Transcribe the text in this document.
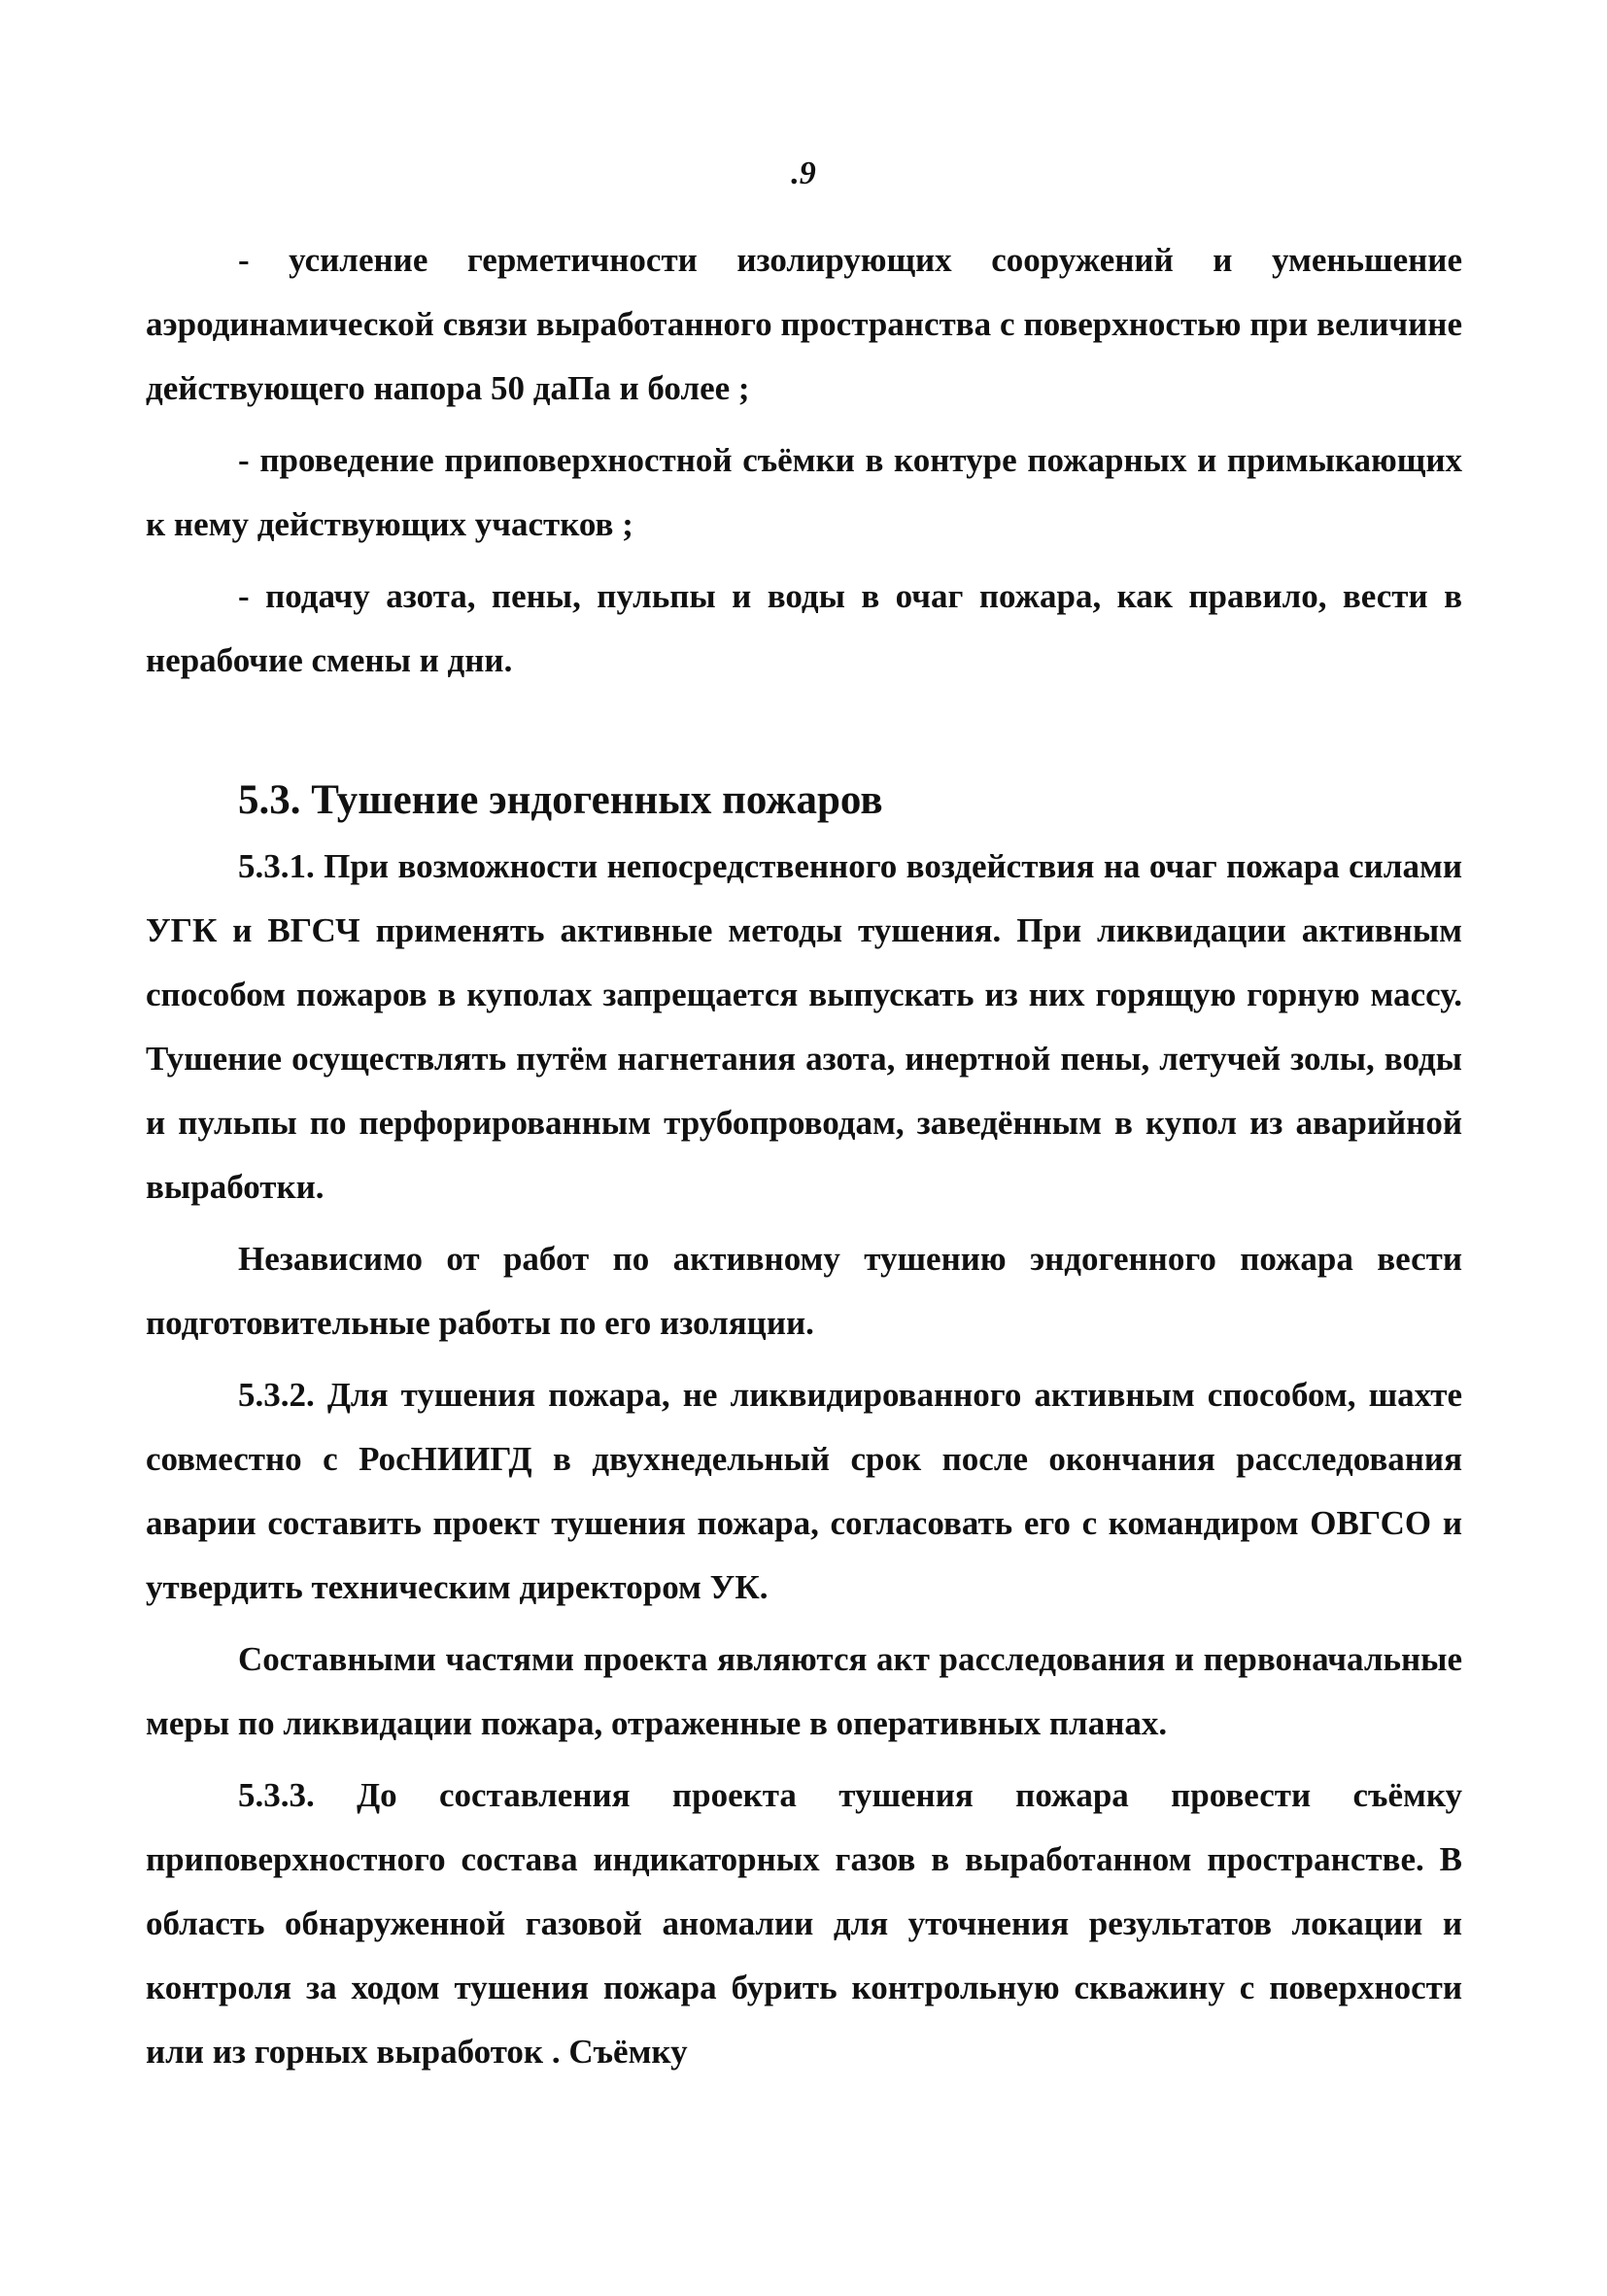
.9

- усиление герметичности изолирующих сооружений и уменьшение аэродинамической связи выработанного пространства с поверхностью при величине действующего напора 50 даПа и более ;

- проведение приповерхностной съёмки в контуре пожарных и примыкающих к нему действующих участков ;

- подачу азота, пены, пульпы и воды в очаг пожара, как правило, вести в нерабочие смены и дни.

5.3. Тушение эндогенных пожаров

5.3.1. При возможности непосредственного воздействия на очаг пожара силами УГК и ВГСЧ применять активные методы тушения. При ликвидации активным способом пожаров в куполах запрещается выпускать из них горящую горную массу. Тушение осуществлять путём нагнетания азота, инертной пены, летучей золы, воды и пульпы по перфорированным трубопроводам, заведённым в купол из аварийной выработки.

Независимо от работ по активному тушению эндогенного пожара вести подготовительные работы по его изоляции.

5.3.2. Для тушения пожара, не ликвидированного активным способом, шахте совместно с РосНИИГД в двухнедельный срок после окончания расследования аварии составить проект тушения пожара, согласовать его с командиром ОВГСО и утвердить техническим директором УК.

Составными частями проекта являются акт расследования и первоначальные меры по ликвидации пожара, отраженные в оперативных планах.

5.3.3. До составления проекта тушения пожара провести съёмку приповерхностного состава индикаторных газов в выработанном пространстве. В область обнаруженной газовой аномалии для уточнения результатов локации и контроля за ходом тушения пожара бурить контрольную скважину с поверхности или из горных выработок . Съёмку
